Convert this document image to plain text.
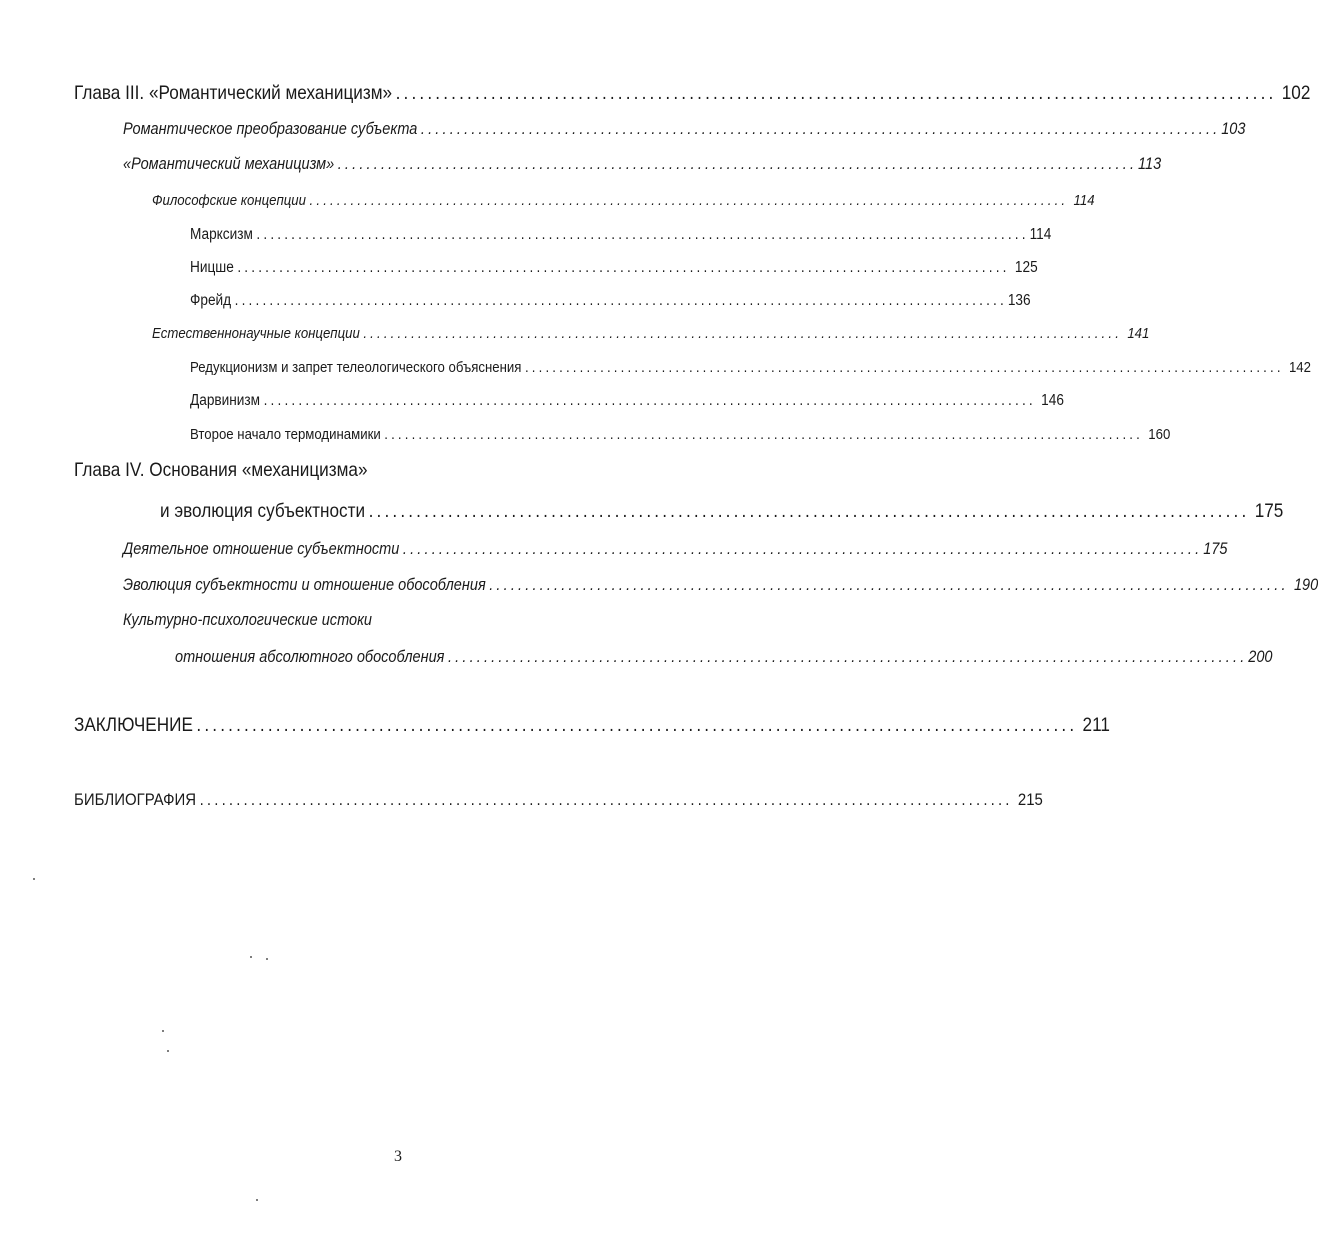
Глава III. «Романтический механицизм» ............................................................................................................... 102
Романтическое преобразование субъекта ............................................................................................................... 103
«Романтический механицизм» ............................................................................................................... 113
Философские концепции ............................................................................................................... 114
Марксизм ............................................................................................................... 114
Ницше ............................................................................................................... 125
Фрейд ............................................................................................................... 136
Естественнонаучные концепции ............................................................................................................... 141
Редукционизм и запрет телеологического объяснения ............................................................................................................... 142
Дарвинизм ............................................................................................................... 146
Второе начало термодинамики ............................................................................................................... 160
Глава IV. Основания «механицизма»
и эволюция субъектности ............................................................................................................... 175
Деятельное отношение субъектности ............................................................................................................... 175
Эволюция субъектности и отношение обособления ............................................................................................................... 190
Культурно-психологические истоки
отношения абсолютного обособления ............................................................................................................... 200
ЗАКЛЮЧЕНИЕ ............................................................................................................... 211
БИБЛИОГРАФИЯ ............................................................................................................... 215
3
